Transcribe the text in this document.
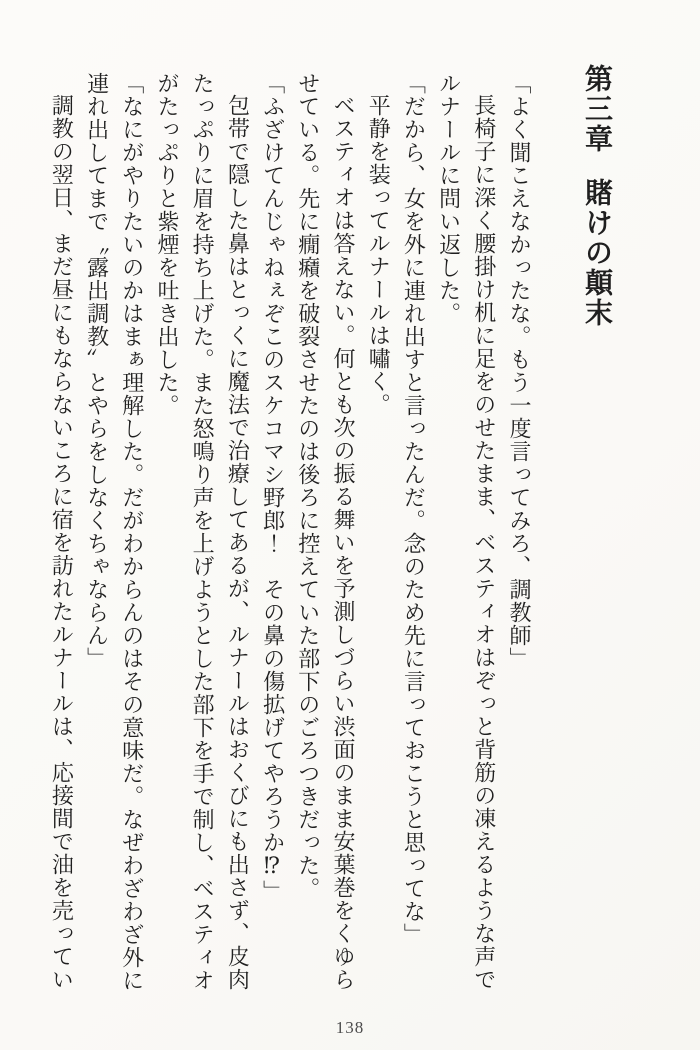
第三章賭けの顛末

「よく聞こえなかったな。もう一度言ってみろ、調教師」

長椅子に深く腰掛け机に足をのせたまま、ベスティオはぞっと背筋の凍えるような声でルナールに問い返した。

「だから、女を外に連れ出すと言ったんだ。念のため先に言っておこうと思ってな」

平静を装ってルナールは嘯く。

ベスティオは答えない。何とも次の振る舞いを予測しづらい渋面のまま安葉巻をくゆらせている。先に癇癪を破裂させたのは後ろに控えていた部下のごろつきだった。

「ふざけてんじゃねぇぞこのスケコマシ野郎！　その鼻の傷拡げてやろうか⁉」

包帯で隠した鼻はとっくに魔法で治療してあるが、ルナールはおくびにも出さず、皮肉たっぷりに眉を持ち上げた。また怒鳴り声を上げようとした部下を手で制し、ベスティオがたっぷりと紫煙を吐き出した。

「なにがやりたいのかはまぁ理解した。だがわからんのはその意味だ。なぜわざわざ外に連れ出してまで〝露出調教〟とやらをしなくちゃならん」

調教の翌日、まだ昼にもならないころに宿を訪れたルナールは、応接間で油を売ってい

138
